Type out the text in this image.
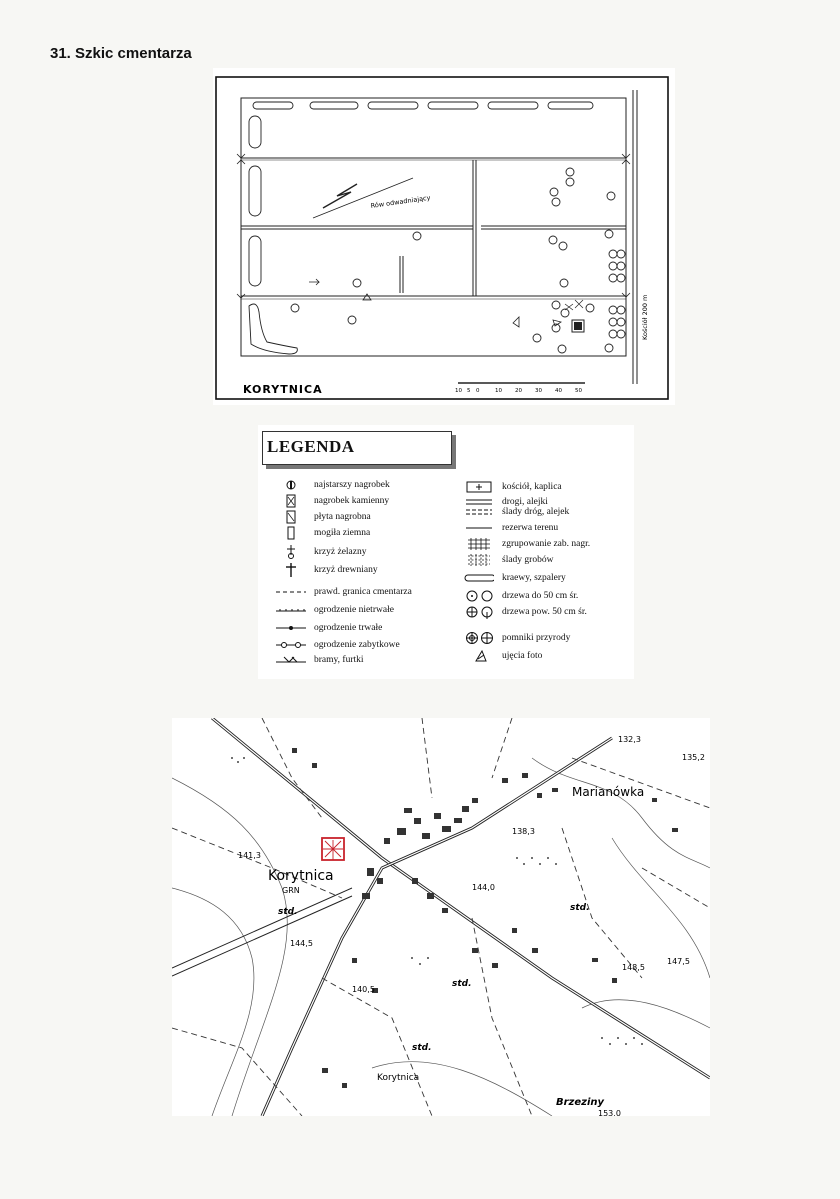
31. Szkic cmentarza
Rów odwadniający
Kościół 200 m
KORYTNICA	10 5 0	10 20 30 40 50
LEGENDA
najstarszy nagrobek
nagrobek kamienny
płyta nagrobna
mogiła ziemna
krzyż żelazny
krzyż drewniany
prawd. granica cmentarza
ogrodzenie nietrwałe
ogrodzenie trwałe
ogrodzenie zabytkowe
bramy, furtki
kościół, kaplica
drogi, alejki
ślady dróg, alejek
rezerwa terenu
zgrupowanie zab. nagr.
ślady grobów
kraewy, szpalery
drzewa do 50 cm śr.
drzewa pow. 50 cm śr.
pomniki przyrody
ujęcia foto
Korytnica
GRN
Marianówka
Korytnica
Brzeziny
std.	std.
std.
std.
132,3
135,2
141,3
138,3
144,0
144,5
140,5
148,5
147,5
153,0
